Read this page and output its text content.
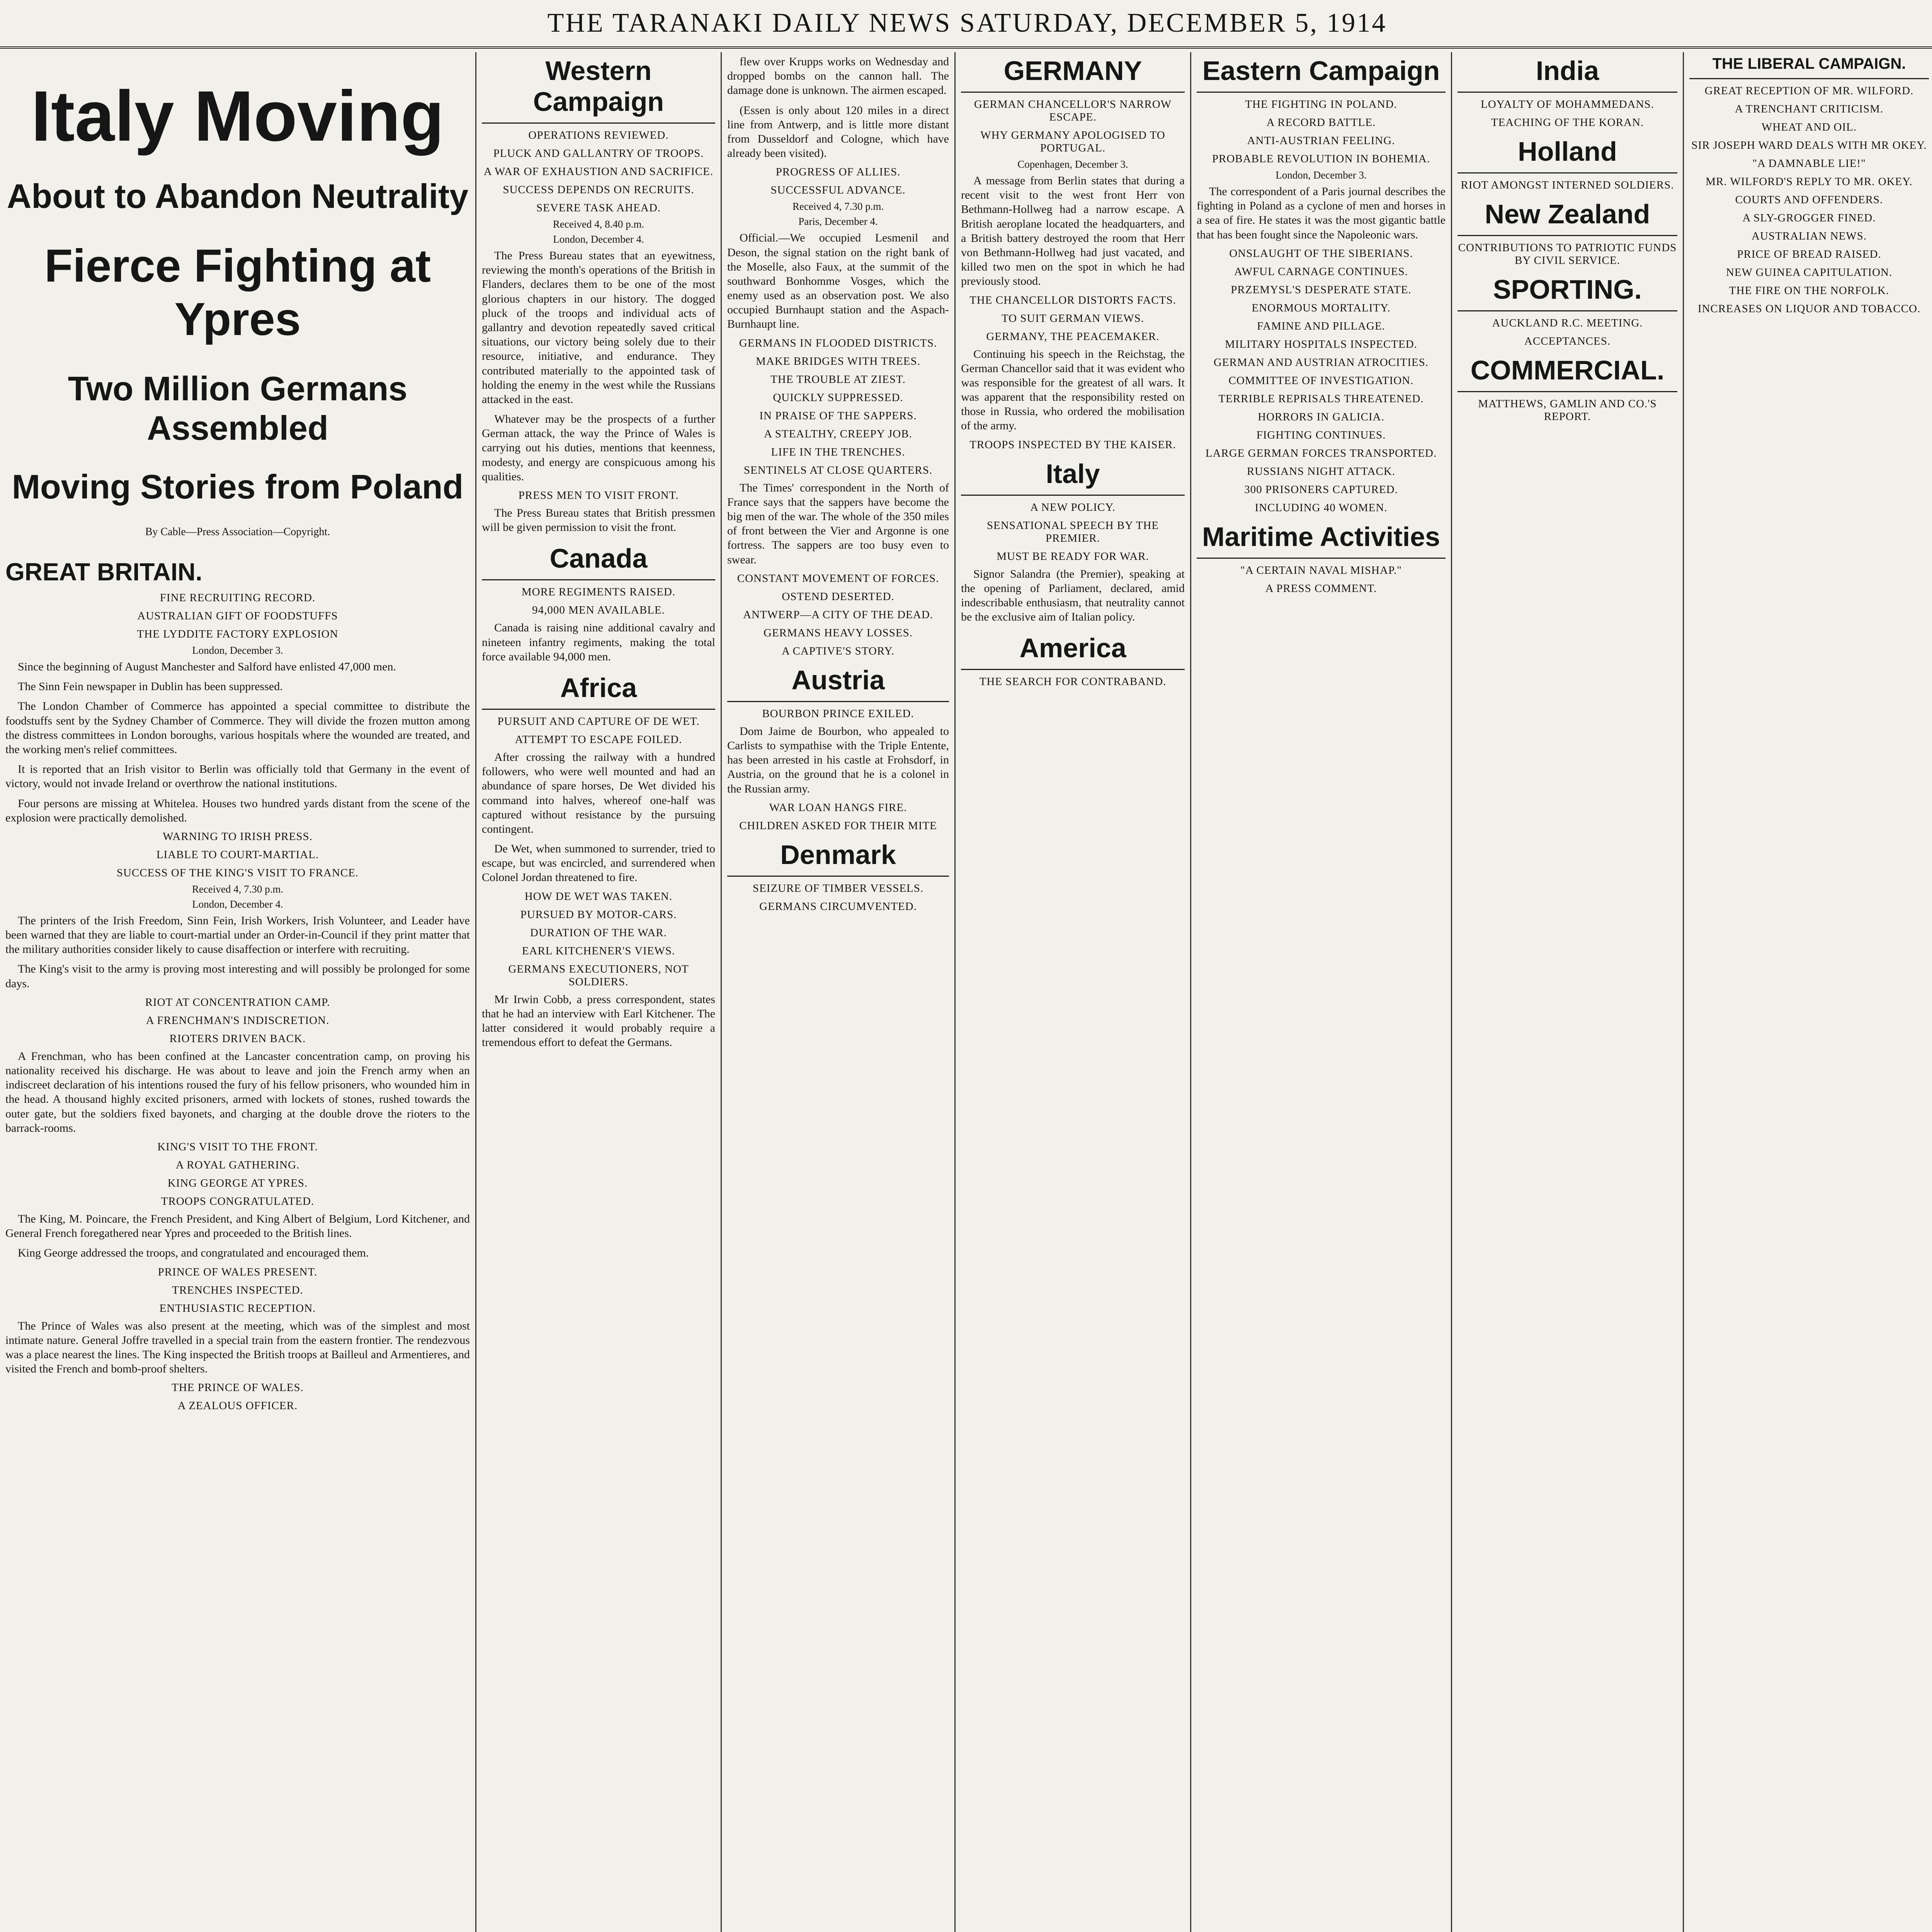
THE TARANAKI DAILY NEWS SATURDAY, DECEMBER 5, 1914
Italy Moving
About to Abandon Neutrality
Fierce Fighting at Ypres
Two Million Germans Assembled
Moving Stories from Poland
By Cable—Press Association—Copyright.
GREAT BRITAIN.
FINE RECRUITING RECORD.
AUSTRALIAN GIFT OF FOODSTUFFS
THE LYDDITE FACTORY EXPLOSION
London, December 3.

Since the beginning of August Manchester and Salford have enlisted 47,000 men.

The Sinn Fein newspaper in Dublin has been suppressed.

The London Chamber of Commerce has appointed a special committee to distribute the foodstuffs sent by the Sydney Chamber of Commerce. They will divide the frozen mutton among the distress committees in London boroughs, various hospitals where the wounded are treated, and the working men's relief committees.

It is reported that an Irish visitor to Berlin was officially told that Germany in the event of victory, would not invade Ireland or overthrow the national institutions.

Four persons are missing at Whitelea. Houses two hundred yards distant from the scene of the explosion were practically demolished.

WARNING TO IRISH PRESS.
LIABLE TO COURT-MARTIAL.
SUCCESS OF THE KING'S VISIT TO FRANCE.
Received 4, 7.30 p.m.
London, December 4.

The printers of the Irish Freedom, Sinn Fein, Irish Workers, Irish Volunteer, and Leader have been warned that they are liable to court-martial under an Order-in-Council if they print matter that the military authorities consider likely to cause disaffection or interfere with recruiting.

The King's visit to the army is proving most interesting and will possibly be prolonged for some days.

RIOT AT CONCENTRATION CAMP.
A FRENCHMAN'S INDISCRETION.
RIOTERS DRIVEN BACK.

A Frenchman, who has been confined at the Lancaster concentration camp, on proving his nationality received his discharge. He was about to leave and join the French army when an indiscreet declaration of his intentions roused the fury of his fellow prisoners, who wounded him in the head. A thousand highly excited prisoners, armed with lockets of stones, rushed towards the outer gate, but the soldiers fixed bayonets, and charging at the double drove the rioters to the barrack-rooms.

KING'S VISIT TO THE FRONT.
A ROYAL GATHERING.
KING GEORGE AT YPRES.
TROOPS CONGRATULATED.

The King, M. Poincare, the French President, and King Albert of Belgium, Lord Kitchener, and General French foregathered near Ypres and proceeded to the British lines.

King George addressed the troops, and congratulated and encouraged them.

PRINCE OF WALES PRESENT.
TRENCHES INSPECTED.
ENTHUSIASTIC RECEPTION.

The Prince of Wales was also present at the meeting, which was of the simplest and most intimate nature. General Joffre travelled in a special train from the eastern frontier. The rendezvous was a place nearest the lines. The King inspected the British troops at Bailleul and Armentieres, and visited the French and bomb-proof shelters.

THE PRINCE OF WALES.
A ZEALOUS OFFICER.
Western Campaign
OPERATIONS REVIEWED.
PLUCK AND GALLANTRY OF TROOPS.
A WAR OF EXHAUSTION AND SACRIFICE.
SUCCESS DEPENDS ON RECRUITS.
SEVERE TASK AHEAD.
Received 4, 8.40 p.m.
London, December 4.

The Press Bureau states that an eyewitness, reviewing the month's operations of the British in Flanders, declares them to be one of the most glorious chapters in our history. The dogged pluck of the troops and individual acts of gallantry and devotion repeatedly saved critical situations, our victory being solely due to their resource, initiative, and endurance. They contributed materially to the appointed task of holding the enemy in the west while the Russians attacked in the east.

Whatever may be the prospects of a further German attack, the way the Prince of Wales is carrying out his duties, mentions that keenness, modesty, and energy are conspicuous among his qualities.

PRESS MEN TO VISIT FRONT.

The Press Bureau states that British pressmen will be given permission to visit the front.

Canada
MORE REGIMENTS RAISED.
94,000 MEN AVAILABLE.

Canada is raising nine additional cavalry and nineteen infantry regiments, making the total force available 94,000 men.

Africa
PURSUIT AND CAPTURE OF DE WET.
ATTEMPT TO ESCAPE FOILED.

After crossing the railway with a hundred followers, who were well mounted and had an abundance of spare horses, De Wet divided his command into halves, whereof one-half was captured without resistance by the pursuing contingent.

De Wet, when summoned to surrender, tried to escape, but was encircled, and surrendered when Colonel Jordan threatened to fire.

HOW DE WET WAS TAKEN.
PURSUED BY MOTOR-CARS.
DURATION OF THE WAR.
EARL KITCHENER'S VIEWS.
GERMANS EXECUTIONERS, NOT SOLDIERS.

Mr Irwin Cobb, a press correspondent, states that he had an interview with Earl Kitchener. The latter considered it would probably require a tremendous effort to defeat the Germans.

flew over Krupps works on Wednesday and dropped bombs on the cannon hall. The damage done is unknown. The airmen escaped.

(Essen is only about 120 miles in a direct line from Antwerp, and is little more distant from Dusseldorf and Cologne, which have already been visited).

PROGRESS OF ALLIES.
SUCCESSFUL ADVANCE.
Received 4, 7.30 p.m.
Paris, December 4.

Official.—We occupied Lesmenil and Deson, the signal station on the right bank of the Moselle, also Faux, at the summit of the southward Bonhomme Vosges, which the enemy used as an observation post. We also occupied Burnhaupt station and the Aspach-Burnhaupt line.

GERMANS IN FLOODED DISTRICTS.
MAKE BRIDGES WITH TREES.
THE TROUBLE AT ZIEST.
QUICKLY SUPPRESSED.
IN PRAISE OF THE SAPPERS.
A STEALTHY, CREEPY JOB.
LIFE IN THE TRENCHES.
SENTINELS AT CLOSE QUARTERS.

The Times' correspondent in the North of France says that the sappers have become the big men of the war. The whole of the 350 miles of front between the Vier and Argonne is one fortress. The sappers are too busy even to swear.

CONSTANT MOVEMENT OF FORCES.
OSTEND DESERTED.
ANTWERP—A CITY OF THE DEAD.
GERMANS HEAVY LOSSES.
A CAPTIVE'S STORY.
Austria
BOURBON PRINCE EXILED.

Dom Jaime de Bourbon, who appealed to Carlists to sympathise with the Triple Entente, has been arrested in his castle at Frohsdorf, in Austria, on the ground that he is a colonel in the Russian army.

WAR LOAN HANGS FIRE.
CHILDREN ASKED FOR THEIR MITE
Denmark
SEIZURE OF TIMBER VESSELS.
GERMANS CIRCUMVENTED.
GERMANY
GERMAN CHANCELLOR'S NARROW ESCAPE.
WHY GERMANY APOLOGISED TO PORTUGAL.
Copenhagen, December 3.

A message from Berlin states that during a recent visit to the west front Herr von Bethmann-Hollweg had a narrow escape. A British aeroplane located the headquarters, and a British battery destroyed the room that Herr von Bethmann-Hollweg had just vacated, and killed two men on the spot in which he had previously stood.

THE CHANCELLOR DISTORTS FACTS.
TO SUIT GERMAN VIEWS.
GERMANY, THE PEACEMAKER.

Continuing his speech in the Reichstag, the German Chancellor said that it was evident who was responsible for the greatest of all wars. It was apparent that the responsibility rested on those in Russia, who ordered the mobilisation of the army.

TROOPS INSPECTED BY THE KAISER.
Italy
A NEW POLICY.
SENSATIONAL SPEECH BY THE PREMIER.
MUST BE READY FOR WAR.

Signor Salandra (the Premier), speaking at the opening of Parliament, declared, amid indescribable enthusiasm, that neutrality cannot be the exclusive aim of Italian policy.

America
THE SEARCH FOR CONTRABAND.
Eastern Campaign
THE FIGHTING IN POLAND.
A RECORD BATTLE.
ANTI-AUSTRIAN FEELING.
PROBABLE REVOLUTION IN BOHEMIA.
London, December 3.

The correspondent of a Paris journal describes the fighting in Poland as a cyclone of men and horses in a sea of fire. He states it was the most gigantic battle that has been fought since the Napoleonic wars.

ONSLAUGHT OF THE SIBERIANS.
AWFUL CARNAGE CONTINUES.
PRZEMYSL'S DESPERATE STATE.
ENORMOUS MORTALITY.
FAMINE AND PILLAGE.
MILITARY HOSPITALS INSPECTED.
GERMAN AND AUSTRIAN ATROCITIES.
COMMITTEE OF INVESTIGATION.
TERRIBLE REPRISALS THREATENED.
HORRORS IN GALICIA.
FIGHTING CONTINUES.
LARGE GERMAN FORCES TRANSPORTED.
RUSSIANS NIGHT ATTACK.
300 PRISONERS CAPTURED.
INCLUDING 40 WOMEN.
Maritime Activities
"A CERTAIN NAVAL MISHAP."
A PRESS COMMENT.
India
LOYALTY OF MOHAMMEDANS.
TEACHING OF THE KORAN.
Holland
RIOT AMONGST INTERNED SOLDIERS.
New Zealand
CONTRIBUTIONS TO PATRIOTIC FUNDS BY CIVIL SERVICE.
SPORTING.
AUCKLAND R.C. MEETING.
ACCEPTANCES.
COMMERCIAL.
MATTHEWS, GAMLIN AND CO.'S REPORT.
THE LIBERAL CAMPAIGN.
GREAT RECEPTION OF MR. WILFORD.
A TRENCHANT CRITICISM.
WHEAT AND OIL.
SIR JOSEPH WARD DEALS WITH MR OKEY.
"A DAMNABLE LIE!"
MR. WILFORD'S REPLY TO MR. OKEY.
COURTS AND OFFENDERS.
A SLY-GROGGER FINED.
AUSTRALIAN NEWS.
PRICE OF BREAD RAISED.
NEW GUINEA CAPITULATION.
THE FIRE ON THE NORFOLK.
INCREASES ON LIQUOR AND TOBACCO.
